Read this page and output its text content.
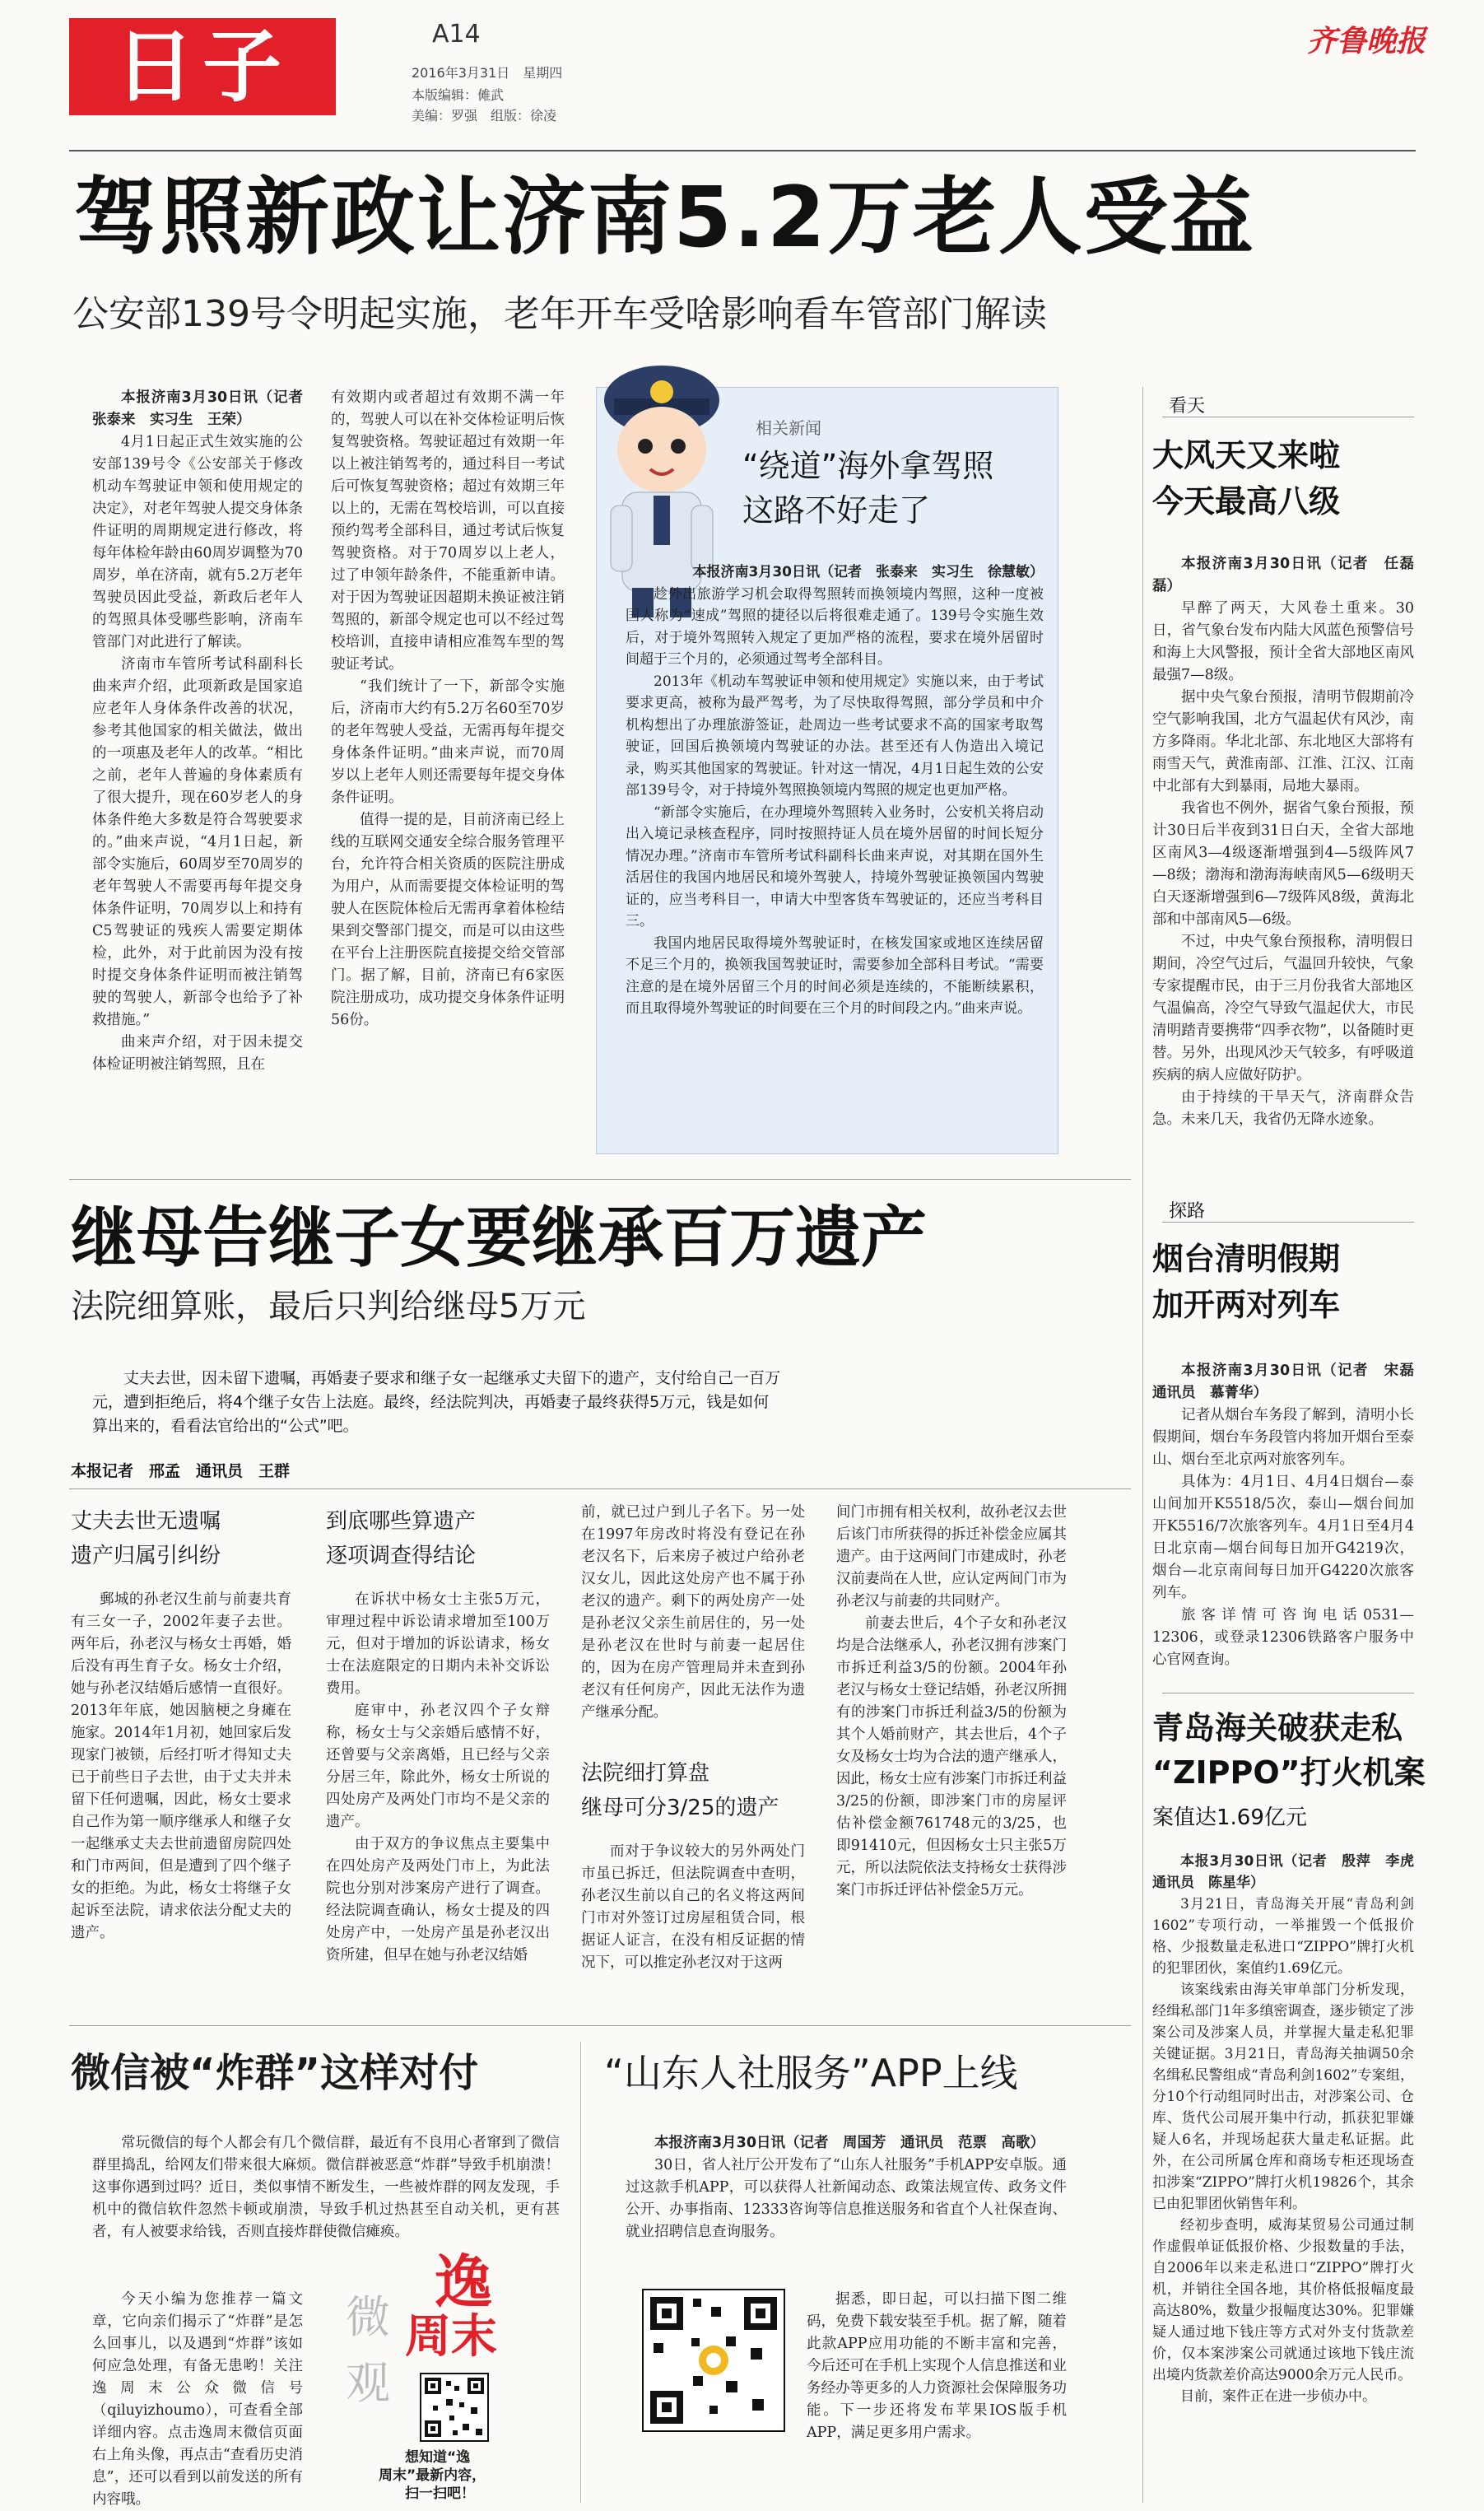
日子	A14
2016年3月31日　星期四
本版编辑：傩武
美编：罗强　组版：徐凌
齐鲁晚报
驾照新政让济南5.2万老人受益
公安部139号令明起实施，老年开车受啥影响看车管部门解读

本报济南3月30日讯（记者　张泰来　实习生　王荣）

4月1日起正式生效实施的公安部139号令《公安部关于修改机动车驾驶证申领和使用规定的决定》，对老年驾驶人提交身体条件证明的周期规定进行修改，将每年体检年龄由60周岁调整为70周岁，单在济南，就有5.2万老年驾驶员因此受益，新政后老年人的驾照具体受哪些影响，济南车管部门对此进行了解读。

济南市车管所考试科副科长曲来声介绍，此项新政是国家追应老年人身体条件改善的状况，参考其他国家的相关做法，做出的一项惠及老年人的改革。“相比之前，老年人普遍的身体素质有了很大提升，现在60岁老人的身体条件绝大多数是符合驾驶要求的。”曲来声说，“4月1日起，新部令实施后，60周岁至70周岁的老年驾驶人不需要再每年提交身体条件证明，70周岁以上和持有C5驾驶证的残疾人需要定期体检，此外，对于此前因为没有按时提交身体条件证明而被注销驾驶的驾驶人，新部令也给予了补救措施。”

曲来声介绍，对于因未提交体检证明被注销驾照，且在

有效期内或者超过有效期不满一年的，驾驶人可以在补交体检证明后恢复驾驶资格。驾驶证超过有效期一年以上被注销驾考的，通过科目一考试后可恢复驾驶资格；超过有效期三年以上的，无需在驾校培训，可以直接预约驾考全部科目，通过考试后恢复驾驶资格。对于70周岁以上老人，过了申领年龄条件，不能重新申请。对于因为驾驶证因超期未换证被注销驾照的，新部令规定也可以不经过驾校培训，直接申请相应准驾车型的驾驶证考试。

“我们统计了一下，新部令实施后，济南市大约有5.2万名60至70岁的老年驾驶人受益，无需再每年提交身体条件证明。”曲来声说，而70周岁以上老年人则还需要每年提交身体条件证明。

值得一提的是，目前济南已经上线的互联网交通安全综合服务管理平台，允许符合相关资质的医院注册成为用户，从而需要提交体检证明的驾驶人在医院体检后无需再拿着体检结果到交警部门提交，而是可以由这些在平台上注册医院直接提交给交管部门。据了解，目前，济南已有6家医院注册成功，成功提交身体条件证明56份。

相关新闻
“绕道”海外拿驾照
这路不好走了

本报济南3月30日讯（记者　张泰来　实习生　徐慧敏）

趁外出旅游学习机会取得驾照转而换领境内驾照，这种一度被国人称为“速成”驾照的捷径以后将很难走通了。139号令实施生效后，对于境外驾照转入规定了更加严格的流程，要求在境外居留时间超于三个月的，必须通过驾考全部科目。

2013年《机动车驾驶证申领和使用规定》实施以来，由于考试要求更高，被称为最严驾考，为了尽快取得驾照，部分学员和中介机构想出了办理旅游签证，赴周边一些考试要求不高的国家考取驾驶证，回国后换领境内驾驶证的办法。甚至还有人伪造出入境记录，购买其他国家的驾驶证。针对这一情况，4月1日起生效的公安部139号令，对于持境外驾照换领境内驾照的规定也更加严格。

“新部令实施后，在办理境外驾照转入业务时，公安机关将启动出入境记录核查程序，同时按照持证人员在境外居留的时间长短分情况办理。”济南市车管所考试科副科长曲来声说，对其期在国外生活居住的我国内地居民和境外驾驶人，持境外驾驶证换领国内驾驶证的，应当考科目一，申请大中型客货车驾驶证的，还应当考科目三。

我国内地居民取得境外驾驶证时，在核发国家或地区连续居留不足三个月的，换领我国驾驶证时，需要参加全部科目考试。“需要注意的是在境外居留三个月的时间必须是连续的，不能断续累积，而且取得境外驾驶证的时间要在三个月的时间段之内。”曲来声说。

看天
大风天又来啦
今天最高八级

本报济南3月30日讯（记者　任磊磊）

早醉了两天，大风卷土重来。30日，省气象台发布内陆大风蓝色预警信号和海上大风警报，预计全省大部地区南风最强7—8级。

据中央气象台预报，清明节假期前冷空气影响我国，北方气温起伏有风沙，南方多降雨。华北北部、东北地区大部将有雨雪天气，黄淮南部、江淮、江汉、江南中北部有大到暴雨，局地大暴雨。

我省也不例外，据省气象台预报，预计30日后半夜到31日白天，全省大部地区南风3—4级逐渐增强到4—5级阵风7—8级；渤海和渤海海峡南风5—6级明天白天逐渐增强到6—7级阵风8级，黄海北部和中部南风5—6级。

不过，中央气象台预报称，清明假日期间，冷空气过后，气温回升较快，气象专家提醒市民，由于三月份我省大部地区气温偏高，冷空气导致气温起伏大，市民清明踏青要携带“四季衣物”，以备随时更替。另外，出现风沙天气较多，有呼吸道疾病的病人应做好防护。

由于持续的干旱天气，济南群众告急。未来几天，我省仍无降水迹象。

探路
烟台清明假期
加开两对列车

本报济南3月30日讯（记者　宋磊　通讯员　慕菁华）

记者从烟台车务段了解到，清明小长假期间，烟台车务段管内将加开烟台至泰山、烟台至北京两对旅客列车。

具体为：4月1日、4月4日烟台—泰山间加开K5518/5次，泰山—烟台间加开K5516/7次旅客列车。4月1日至4月4日北京南—烟台间每日加开G4219次，烟台—北京南间每日加开G4220次旅客列车。

旅客详情可咨询电话0531—12306，或登录12306铁路客户服务中心官网查询。

青岛海关破获走私
“ZIPPO”打火机案
案值达1.69亿元

本报3月30日讯（记者　殷萍　李虎　通讯员　陈星华）

3月21日，青岛海关开展“青岛利剑1602”专项行动，一举摧毁一个低报价格、少报数量走私进口“ZIPPO”牌打火机的犯罪团伙，案值约1.69亿元。

该案线索由海关审单部门分析发现，经缉私部门1年多缜密调查，逐步锁定了涉案公司及涉案人员，并掌握大量走私犯罪关键证据。3月21日，青岛海关抽调50余名缉私民警组成“青岛利剑1602”专案组，分10个行动组同时出击，对涉案公司、仓库、货代公司展开集中行动，抓获犯罪嫌疑人6名，并现场起获大量走私证据。此外，在公司所属仓库和商场专柜还现场查扣涉案“ZIPPO”牌打火机19826个，其余已由犯罪团伙销售年利。

经初步查明，威海某贸易公司通过制作虚假单证低报价格、少报数量的手法，自2006年以来走私进口“ZIPPO”牌打火机，并销往全国各地，其价格低报幅度最高达80%，数量少报幅度达30%。犯罪嫌疑人通过地下钱庄等方式对外支付货款差价，仅本案涉案公司就通过该地下钱庄流出境内货款差价高达9000余万元人民币。

目前，案件正在进一步侦办中。

继母告继子女要继承百万遗产
法院细算账，最后只判给继母5万元
丈夫去世，因未留下遗嘱，再婚妻子要求和继子女一起继承丈夫留下的遗产，支付给自己一百万元，遭到拒绝后，将4个继子女告上法庭。最终，经法院判决，再婚妻子最终获得5万元，钱是如何算出来的，看看法官给出的“公式”吧。
本报记者　邢孟　通讯员　王群
丈夫去世无遗嘱
遗产归属引纠纷

郵城的孙老汉生前与前妻共育有三女一子，2002年妻子去世。两年后，孙老汉与杨女士再婚，婚后没有再生育子女。杨女士介绍，她与孙老汉结婚后感情一直很好。2013年年底，她因脑梗之身瘫在施家。2014年1月初，她回家后发现家门被锁，后经打听才得知丈夫已于前些日子去世，由于丈夫并未留下任何遗嘱，因此，杨女士要求自己作为第一顺序继承人和继子女一起继承丈夫去世前遗留房院四处和门市两间，但是遭到了四个继子女的拒绝。为此，杨女士将继子女起诉至法院，请求依法分配丈夫的遗产。

到底哪些算遗产
逐项调查得结论

在诉状中杨女士主张5万元，审理过程中诉讼请求增加至100万元，但对于增加的诉讼请求，杨女士在法庭限定的日期内未补交诉讼费用。

庭审中，孙老汉四个子女辩称，杨女士与父亲婚后感情不好，还曾要与父亲离婚，且已经与父亲分居三年，除此外，杨女士所说的四处房产及两处门市均不是父亲的遗产。

由于双方的争议焦点主要集中在四处房产及两处门市上，为此法院也分别对涉案房产进行了调查。经法院调查确认，杨女士提及的四处房产中，一处房产虽是孙老汉出资所建，但早在她与孙老汉结婚

前，就已过户到儿子名下。另一处在1997年房改时将没有登记在孙老汉名下，后来房子被过户给孙老汉女儿，因此这处房产也不属于孙老汉的遗产。剩下的两处房产一处是孙老汉父亲生前居住的，另一处是孙老汉在世时与前妻一起居住的，因为在房产管理局并未查到孙老汉有任何房产，因此无法作为遗产继承分配。

法院细打算盘
继母可分3/25的遗产

而对于争议较大的另外两处门市虽已拆迁，但法院调查中查明，孙老汉生前以自己的名义将这两间门市对外签订过房屋租赁合同，根据证人证言，在没有相反证据的情况下，可以推定孙老汉对于这两

间门市拥有相关权利，故孙老汉去世后该门市所获得的拆迁补偿金应属其遗产。由于这两间门市建成时，孙老汉前妻尚在人世，应认定两间门市为孙老汉与前妻的共同财产。

前妻去世后，4个子女和孙老汉均是合法继承人，孙老汉拥有涉案门市拆迁利益3/5的份额。2004年孙老汉与杨女士登记结婚，孙老汉所拥有的涉案门市拆迁利益3/5的份额为其个人婚前财产，其去世后，4个子女及杨女士均为合法的遗产继承人，因此，杨女士应有涉案门市拆迁利益3/25的份额，即涉案门市的房屋评估补偿金额761748元的3/25，也即91410元，但因杨女士只主张5万元，所以法院依法支持杨女士获得涉案门市拆迁评估补偿金5万元。

微信被“炸群”这样对付

常玩微信的每个人都会有几个微信群，最近有不良用心者窜到了微信群里捣乱，给网友们带来很大麻烦。微信群被恶意“炸群”导致手机崩溃！这事你遇到过吗？近日，类似事情不断发生，一些被炸群的网友发现，手机中的微信软件忽然卡顿或崩溃，导致手机过热甚至自动关机，更有甚者，有人被要求给钱，否则直接炸群使微信瘫痪。

今天小编为您推荐一篇文章，它向亲们揭示了“炸群”是怎么回事儿，以及遇到“炸群”该如何应急处理，有备无患哟！关注逸周末公众微信号（qiluyizhoumo），可查看全部详细内容。点击逸周末微信页面右上角头像，再点击“查看历史消息”，还可以看到以前发送的所有内容哦。

微
观
逸
周末
想知道“逸
周末”最新内容，
扫一扫吧！
“山东人社服务”APP上线

本报济南3月30日讯（记者　周国芳　通讯员　范票　高歌）

30日，省人社厅公开发布了“山东人社服务”手机APP安卓版。通过这款手机APP，可以获得人社新闻动态、政策法规宣传、政务文件公开、办事指南、12333咨询等信息推送服务和省直个人社保查询、就业招聘信息查询服务。

据悉，即日起，可以扫描下图二维码，免费下载安装至手机。据了解，随着此款APP应用功能的不断丰富和完善，今后还可在手机上实现个人信息推送和业务经办等更多的人力资源社会保障服务功能。下一步还将发布苹果IOS版手机APP，满足更多用户需求。
